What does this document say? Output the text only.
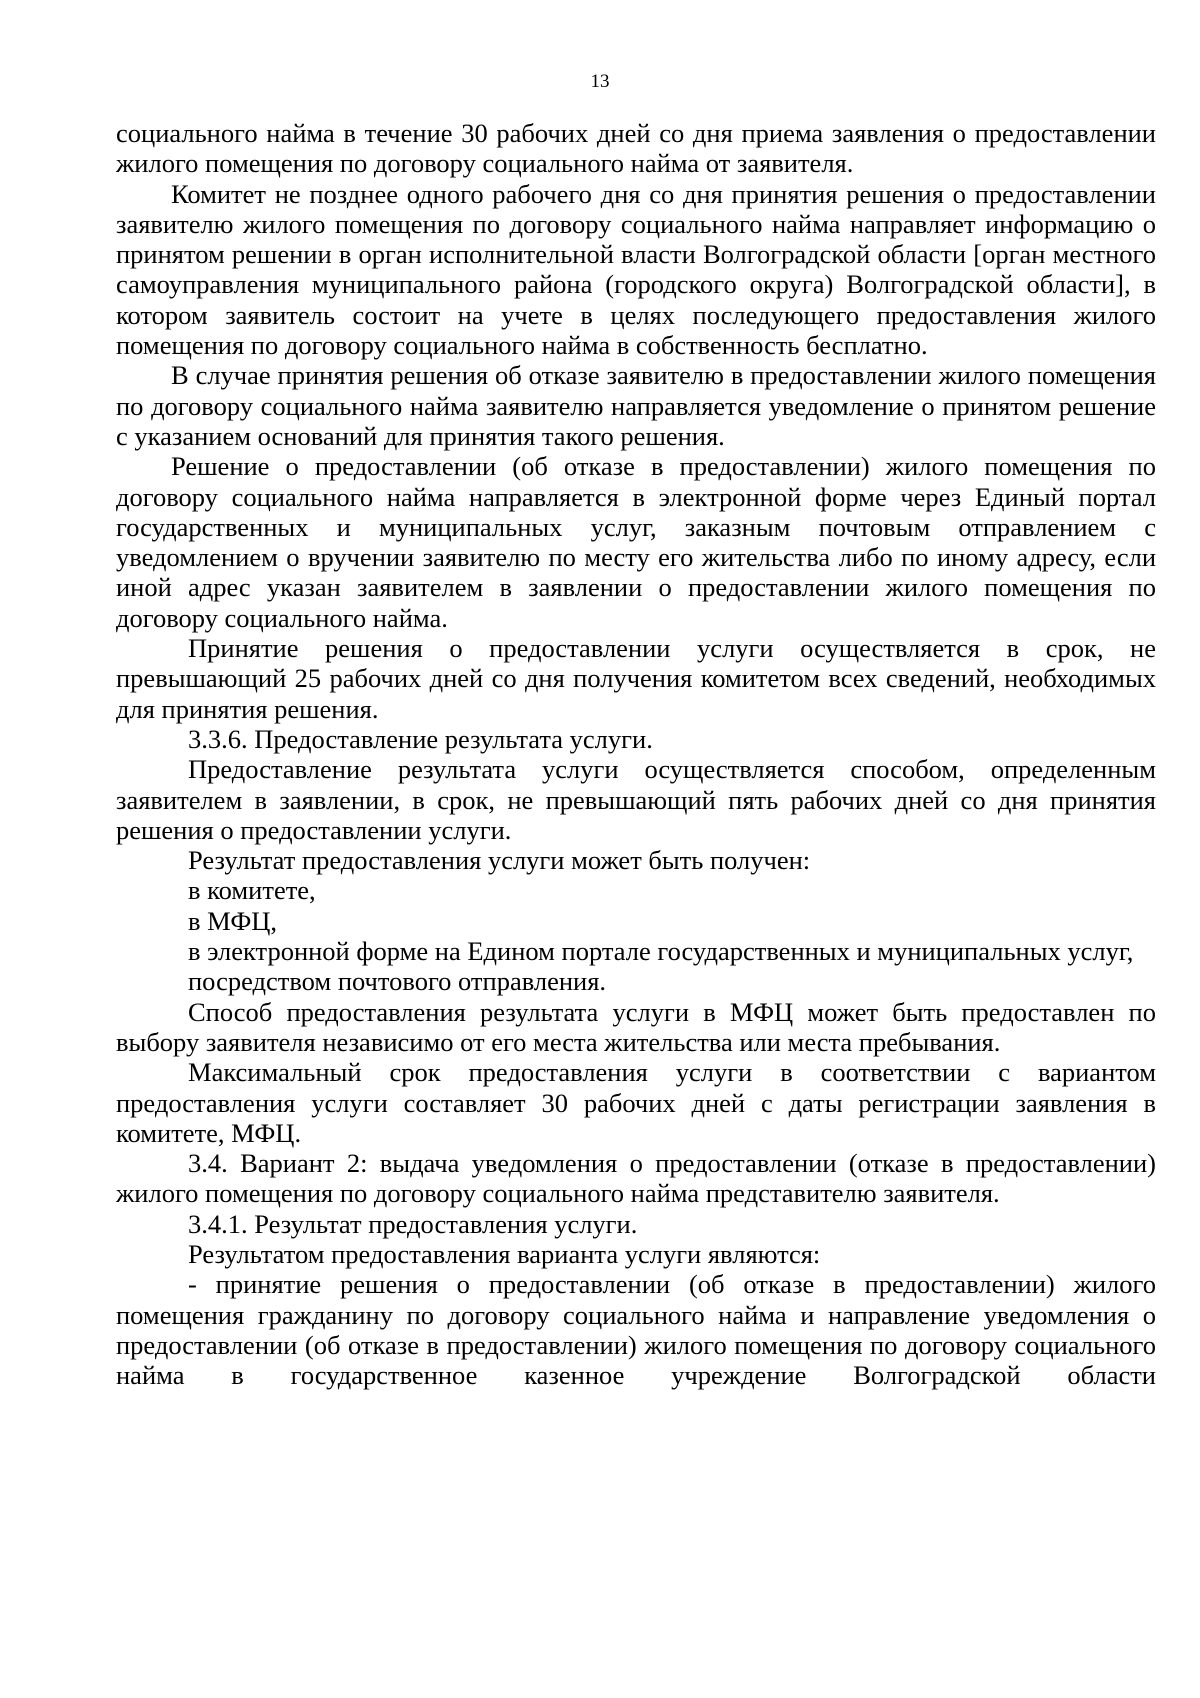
13

социального найма в течение 30 рабочих дней со дня приема заявления о предоставлении жилого помещения по договору социального найма от заявителя.

Комитет не позднее одного рабочего дня со дня принятия решения о предоставлении заявителю жилого помещения по договору социального найма направляет информацию о принятом решении в орган исполнительной власти Волгоградской области [орган местного самоуправления муниципального района (городского округа) Волгоградской области], в котором заявитель состоит на учете в целях последующего предоставления жилого помещения по договору социального найма в собственность бесплатно.

В случае принятия решения об отказе заявителю в предоставлении жилого помещения по договору социального найма заявителю направляется уведомление о принятом решение с указанием оснований для принятия такого решения.

Решение о предоставлении (об отказе в предоставлении) жилого помещения по договору социального найма направляется в электронной форме через Единый портал государственных и муниципальных услуг, заказным почтовым отправлением с уведомлением о вручении заявителю по месту его жительства либо по иному адресу, если иной адрес указан заявителем в заявлении о предоставлении жилого помещения по договору социального найма.

Принятие решения о предоставлении услуги осуществляется в срок, не превышающий 25 рабочих дней со дня получения комитетом всех сведений, необходимых для принятия решения.

3.3.6. Предоставление результата услуги.

Предоставление результата услуги осуществляется способом, определенным заявителем в заявлении, в срок, не превышающий пять рабочих дней со дня принятия решения о предоставлении услуги.

Результат предоставления услуги может быть получен:

в комитете,

в МФЦ,

в электронной форме на Едином портале государственных и муниципальных услуг,

посредством почтового отправления.

Способ предоставления результата услуги в МФЦ может быть предоставлен по выбору заявителя независимо от его места жительства или места пребывания.

Максимальный срок предоставления услуги в соответствии с вариантом предоставления услуги составляет 30 рабочих дней с даты регистрации заявления в комитете, МФЦ.

3.4. Вариант 2: выдача уведомления о предоставлении (отказе в предоставлении) жилого помещения по договору социального найма представителю заявителя.

3.4.1. Результат предоставления услуги.

Результатом предоставления варианта услуги являются:

- принятие решения о предоставлении (об отказе в предоставлении) жилого помещения гражданину по договору социального найма и направление уведомления о предоставлении (об отказе в предоставлении) жилого помещения по договору социального найма в государственное казенное учреждение Волгоградской области
